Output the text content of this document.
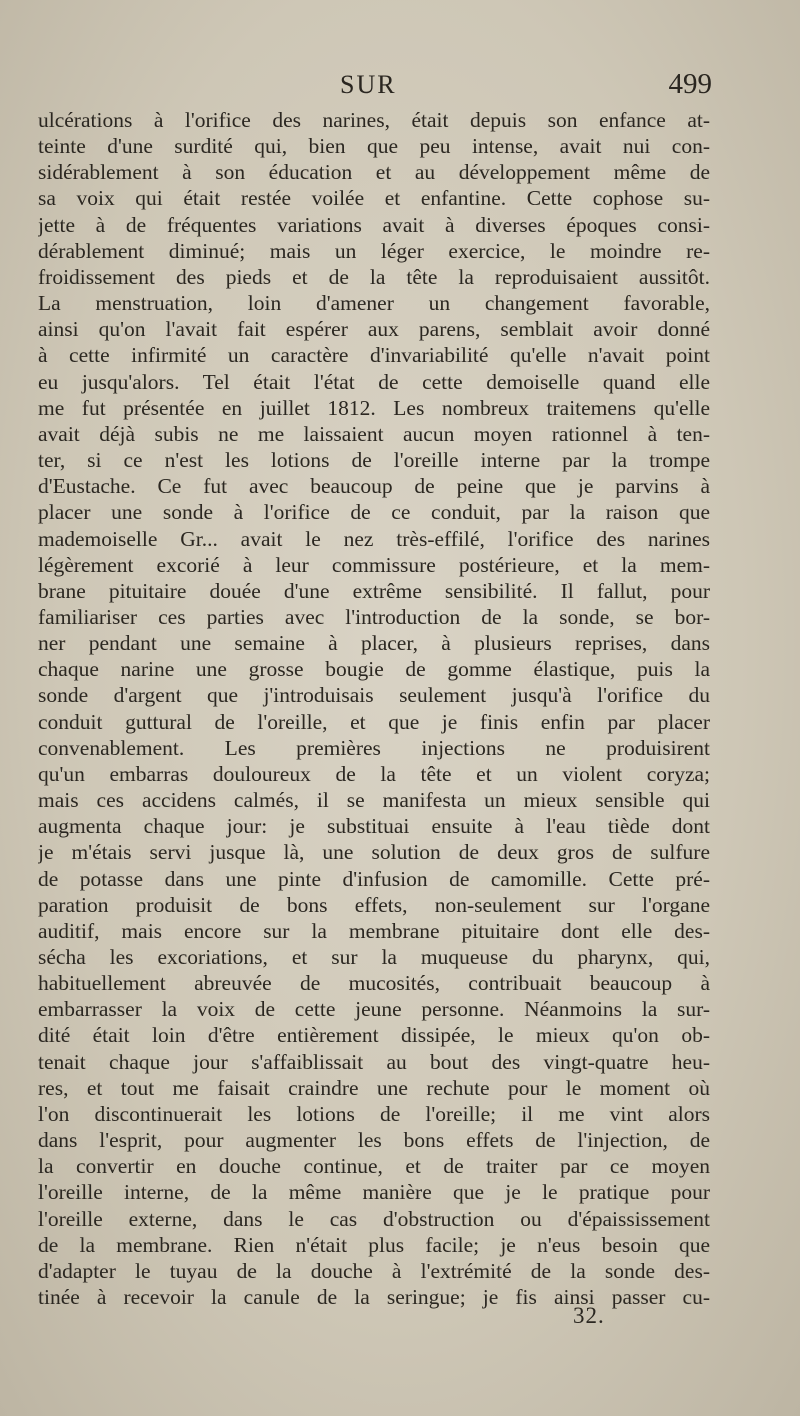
SUR	499
ulcérations à l'orifice des narines, était depuis son enfance at-
teinte d'une surdité qui, bien que peu intense, avait nui con-
sidérablement à son éducation et au développement même de
sa voix qui était restée voilée et enfantine. Cette cophose su-
jette à de fréquentes variations avait à diverses époques consi-
dérablement diminué; mais un léger exercice, le moindre re-
froidissement des pieds et de la tête la reproduisaient aussitôt.
La menstruation, loin d'amener un changement favorable,
ainsi qu'on l'avait fait espérer aux parens, semblait avoir donné
à cette infirmité un caractère d'invariabilité qu'elle n'avait point
eu jusqu'alors. Tel était l'état de cette demoiselle quand elle
me fut présentée en juillet 1812. Les nombreux traitemens qu'elle
avait déjà subis ne me laissaient aucun moyen rationnel à ten-
ter, si ce n'est les lotions de l'oreille interne par la trompe
d'Eustache. Ce fut avec beaucoup de peine que je parvins à
placer une sonde à l'orifice de ce conduit, par la raison que
mademoiselle Gr... avait le nez très-effilé, l'orifice des narines
légèrement excorié à leur commissure postérieure, et la mem-
brane pituitaire douée d'une extrême sensibilité. Il fallut, pour
familiariser ces parties avec l'introduction de la sonde, se bor-
ner pendant une semaine à placer, à plusieurs reprises, dans
chaque narine une grosse bougie de gomme élastique, puis la
sonde d'argent que j'introduisais seulement jusqu'à l'orifice du
conduit guttural de l'oreille, et que je finis enfin par placer
convenablement. Les premières injections ne produisirent
qu'un embarras douloureux de la tête et un violent coryza;
mais ces accidens calmés, il se manifesta un mieux sensible qui
augmenta chaque jour: je substituai ensuite à l'eau tiède dont
je m'étais servi jusque là, une solution de deux gros de sulfure
de potasse dans une pinte d'infusion de camomille. Cette pré-
paration produisit de bons effets, non-seulement sur l'organe
auditif, mais encore sur la membrane pituitaire dont elle des-
sécha les excoriations, et sur la muqueuse du pharynx, qui,
habituellement abreuvée de mucosités, contribuait beaucoup à
embarrasser la voix de cette jeune personne. Néanmoins la sur-
dité était loin d'être entièrement dissipée, le mieux qu'on ob-
tenait chaque jour s'affaiblissait au bout des vingt-quatre heu-
res, et tout me faisait craindre une rechute pour le moment où
l'on discontinuerait les lotions de l'oreille; il me vint alors
dans l'esprit, pour augmenter les bons effets de l'injection, de
la convertir en douche continue, et de traiter par ce moyen
l'oreille interne, de la même manière que je le pratique pour
l'oreille externe, dans le cas d'obstruction ou d'épaississement
de la membrane. Rien n'était plus facile; je n'eus besoin que
d'adapter le tuyau de la douche à l'extrémité de la sonde des-
tinée à recevoir la canule de la seringue; je fis ainsi passer cu-
32.
